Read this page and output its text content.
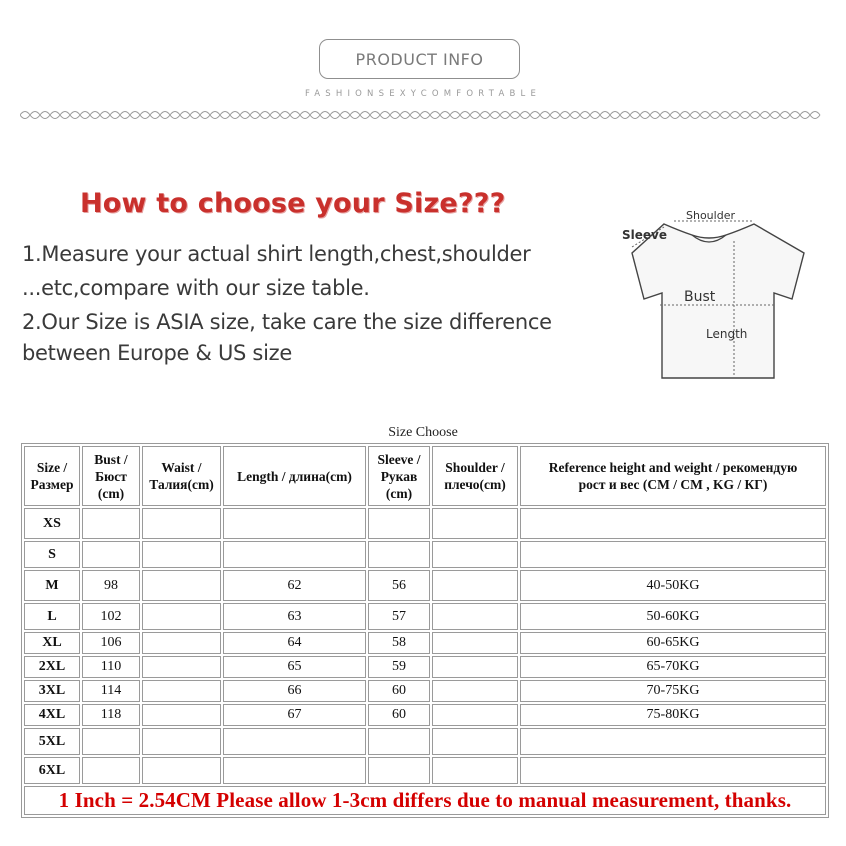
PRODUCT INFO
FASHIONSEXYCOMFORTABLE
How to choose your Size???
1.Measure your actual shirt length,chest,shoulder
...etc,compare with our size table.
2.Our Size is ASIA size, take care the size difference
between Europe & US size
Shoulder
Sleeve
Bust
Length
Size Choose
Size /
Размер	Bust /
Бюст
(cm)	Waist /
Талия(cm)	Length / длина(cm)	Sleeve /
Рукав
(cm)	Shoulder /
плечо(cm)	Reference height and weight / рекомендую
рост и вес (CM / CM , KG / КГ)
XS						
S						
M	98		62	56		40-50KG
L	102		63	57		50-60KG
XL	106		64	58		60-65KG
2XL	110		65	59		65-70KG
3XL	114		66	60		70-75KG
4XL	118		67	60		75-80KG
5XL						
6XL						
1 Inch = 2.54CM Please allow 1-3cm differs due to manual measurement, thanks.						
